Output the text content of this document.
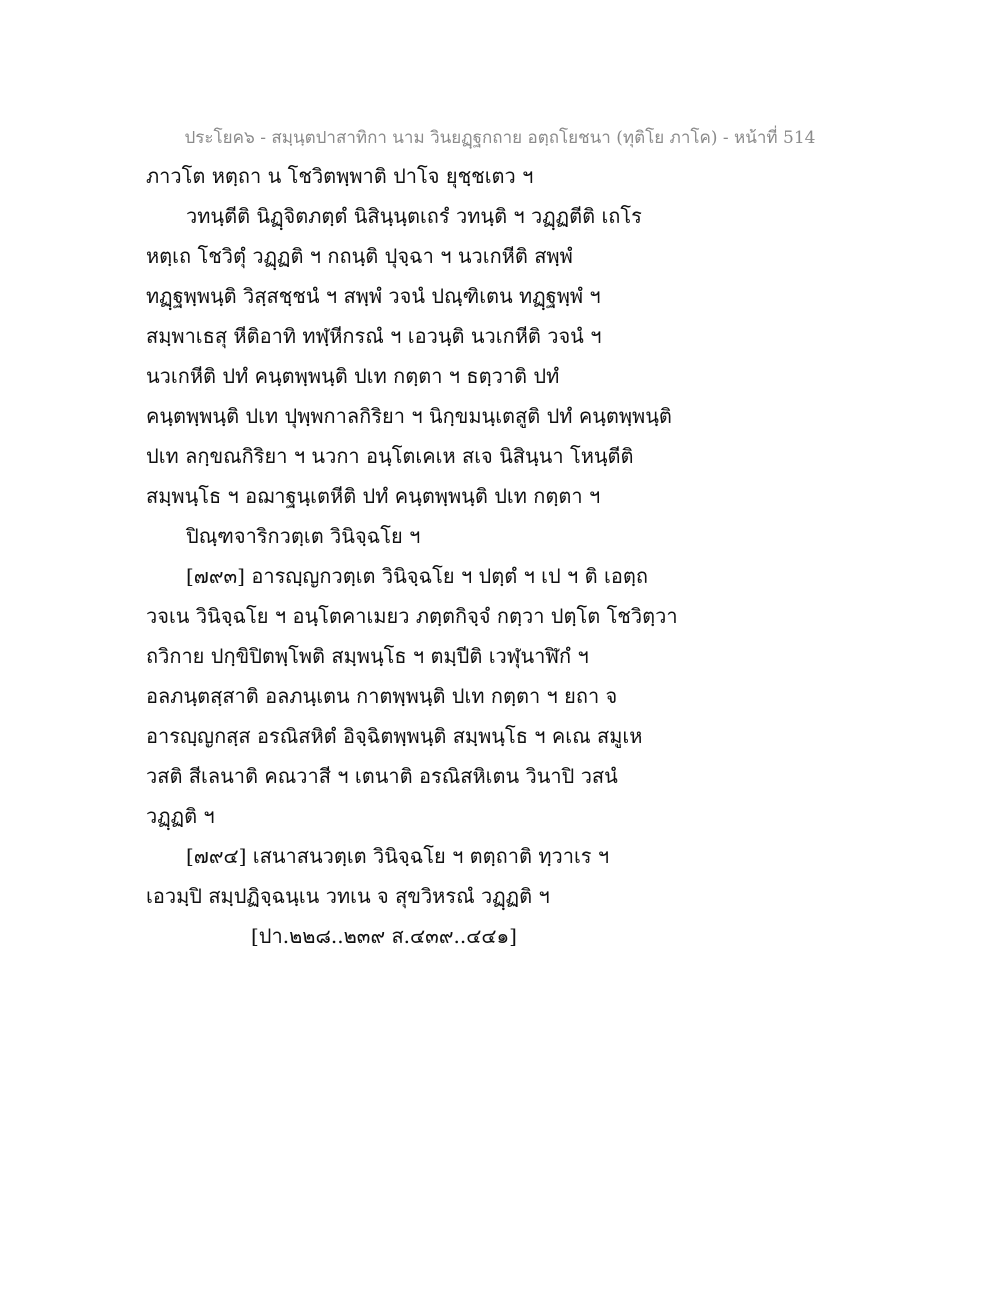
ประโยค๖ - สมฺนฺตปาสาทิกา นาม วินยฏฺฐกถาย อตฺถโยชนา (ทุติโย ภาโค) - หน้าที่ 514
ภาวโต หตฺถา น โชวิตพฺพาติ ปาโจ ยุชฺชเตว ฯ
วทนฺตีติ นิฏฺจิตภตฺตํ นิสินฺนฺตเถรํ วทนฺติ ฯ วฏฺฏตีติ เถโร
หตฺเถ โชวิตุํ วฏฺฏติ ฯ กถนฺติ ปุจฺฉา ฯ นวเกหีติ สพฺพํ
ทฏฺฐพฺพนฺติ วิสฺสชฺชนํ ฯ สพฺพํ วจนํ ปณฺฑิเตน ทฏฺฐพฺพํ ฯ
สมฺพาเธสุ หีติอาทิ ทฬฺหีกรณํ ฯ เอวนฺติ นวเกหีติ วจนํ ฯ
นวเกหีติ ปทํ คนฺตพฺพนฺติ ปเท กตฺตา ฯ ธตฺวาติ ปทํ
คนฺตพฺพนฺติ ปเท ปุพฺพกาลกิริยา ฯ นิกฺขมนฺเตสูติ ปทํ คนฺตพฺพนฺติ
ปเท ลกฺขณกิริยา ฯ นวกา อนฺโตเคเห สเจ นิสินฺนา โหนฺตีติ
สมฺพนฺโธ ฯ อฌาฐนฺเตหีติ ปทํ คนฺตพฺพนฺติ ปเท กตฺตา ฯ
ปิณฺฑจาริกวตฺเต วินิจฺฉโย ฯ
[๗๙๓] อารญฺญกวตฺเต วินิจฺฉโย ฯ ปตฺตํ ฯ เป ฯ ติ เอตฺถ
วจเน วินิจฺฉโย ฯ อนฺโตคาเมยว ภตฺตกิจฺจํ กตฺวา ปตฺโต โชวิตฺวา
ถวิกาย ปกฺขิปิตพฺโพติ สมฺพนฺโธ ฯ ตมฺปีติ เวฬุนาฬิกํ ฯ
อลภนฺตสฺสาติ อลภนฺเตน กาตพฺพนฺติ ปเท กตฺตา ฯ ยถา จ
อารญฺญกสฺส อรณิสหิตํ อิจฺฉิตพฺพนฺติ สมฺพนฺโธ ฯ คเณ สมูเห
วสติ สีเลนาติ คณวาสี ฯ เตนาติ อรณิสหิเตน วินาปิ วสนํ
วฏฺฏติ ฯ
[๗๙๔] เสนาสนวตฺเต วินิจฺฉโย ฯ ตตฺถาติ ทฺวาเร ฯ
เอวมฺปิ สมฺปฏิจฺฉนฺเน วทเน จ สุขวิหรณํ วฏฺฏติ ฯ
[ปา.๒๒๘..๒๓๙ ส.๔๓๙..๔๔๑]
